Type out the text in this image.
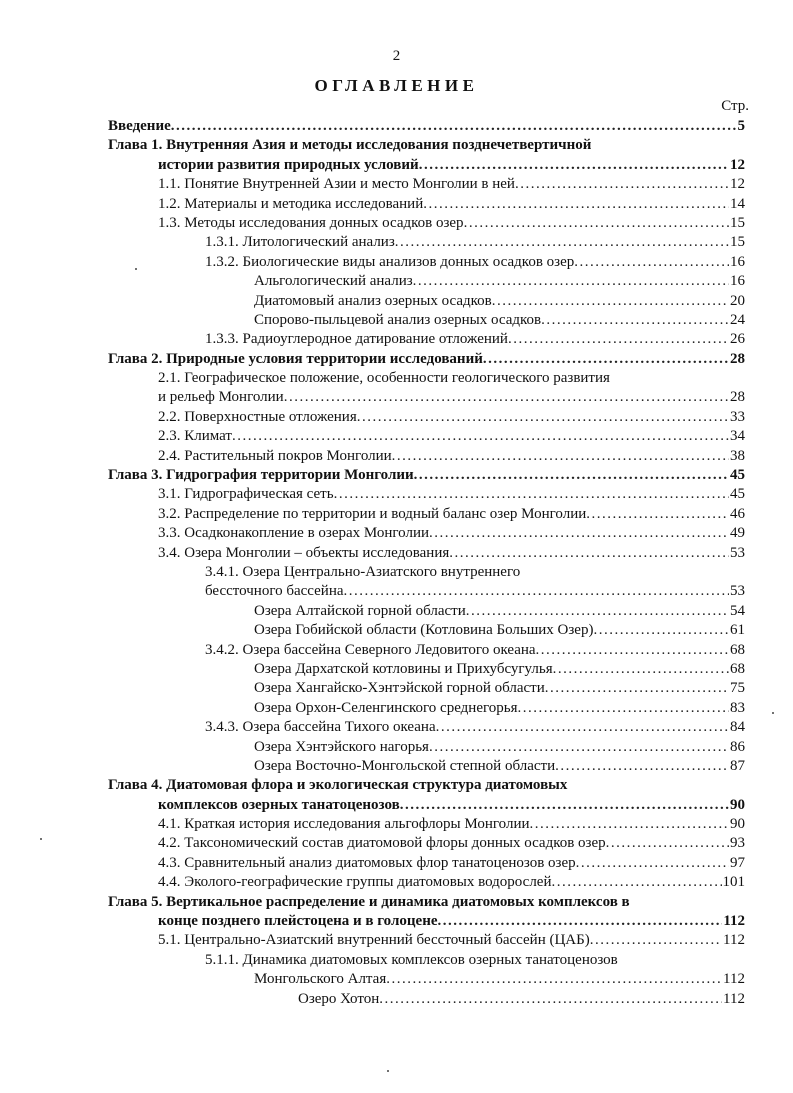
2
ОГЛАВЛЕНИЕ
Стр.
Введение .....	5
Глава 1. Внутренняя Азия и методы исследования позднечетвертичной
истории развития природных условий .....	12
1.1. Понятие Внутренней Азии и место Монголии в ней .....	12
1.2. Материалы и методика исследований .....	14
1.3. Методы исследования донных осадков озер .....	15
1.3.1. Литологический анализ .....	15
1.3.2. Биологические виды анализов донных осадков озер .....	16
Альгологический анализ .....	16
Диатомовый анализ озерных осадков .....	20
Спорово-пыльцевой анализ озерных осадков .....	24
1.3.3. Радиоуглеродное датирование отложений .....	26
Глава 2. Природные условия территории исследований .....	28
2.1. Географическое положение, особенности геологического развития
и рельеф Монголии .....	28
2.2. Поверхностные отложения .....	33
2.3. Климат .....	34
2.4. Растительный покров Монголии .....	38
Глава 3. Гидрография территории Монголии .....	45
3.1. Гидрографическая сеть .....	45
3.2. Распределение по территории и водный баланс озер Монголии .....	46
3.3. Осадконакопление в озерах Монголии .....	49
3.4. Озера Монголии – объекты исследования .....	53
3.4.1. Озера Центрально-Азиатского внутреннего
бессточного бассейна .....	53
Озера Алтайской горной области .....	54
Озера Гобийской области (Котловина Больших Озер) .....	61
3.4.2. Озера бассейна Северного Ледовитого океана .....	68
Озера Дархатской котловины и Прихубсугулья .....	68
Озера Хангайско-Хэнтэйской горной области .....	75
Озера Орхон-Селенгинского среднегорья .....	83
3.4.3. Озера бассейна Тихого океана .....	84
Озера Хэнтэйского нагорья .....	86
Озера Восточно-Монгольской степной области .....	87
Глава 4. Диатомовая флора и экологическая структура диатомовых
комплексов озерных танатоценозов .....	90
4.1. Краткая история исследования альгофлоры Монголии .....	90
4.2. Таксономический состав диатомовой флоры донных осадков озер .....	93
4.3. Сравнительный анализ диатомовых флор танатоценозов озер .....	97
4.4. Эколого-географические группы диатомовых водорослей .....	101
Глава 5. Вертикальное распределение и динамика диатомовых комплексов в
конце позднего плейстоцена и в голоцене .....	112
5.1. Центрально-Азиатский внутренний бессточный бассейн (ЦАБ) .....	112
5.1.1. Динамика диатомовых комплексов озерных танатоценозов
Монгольского Алтая .....	112
Озеро Хотон .....	112
